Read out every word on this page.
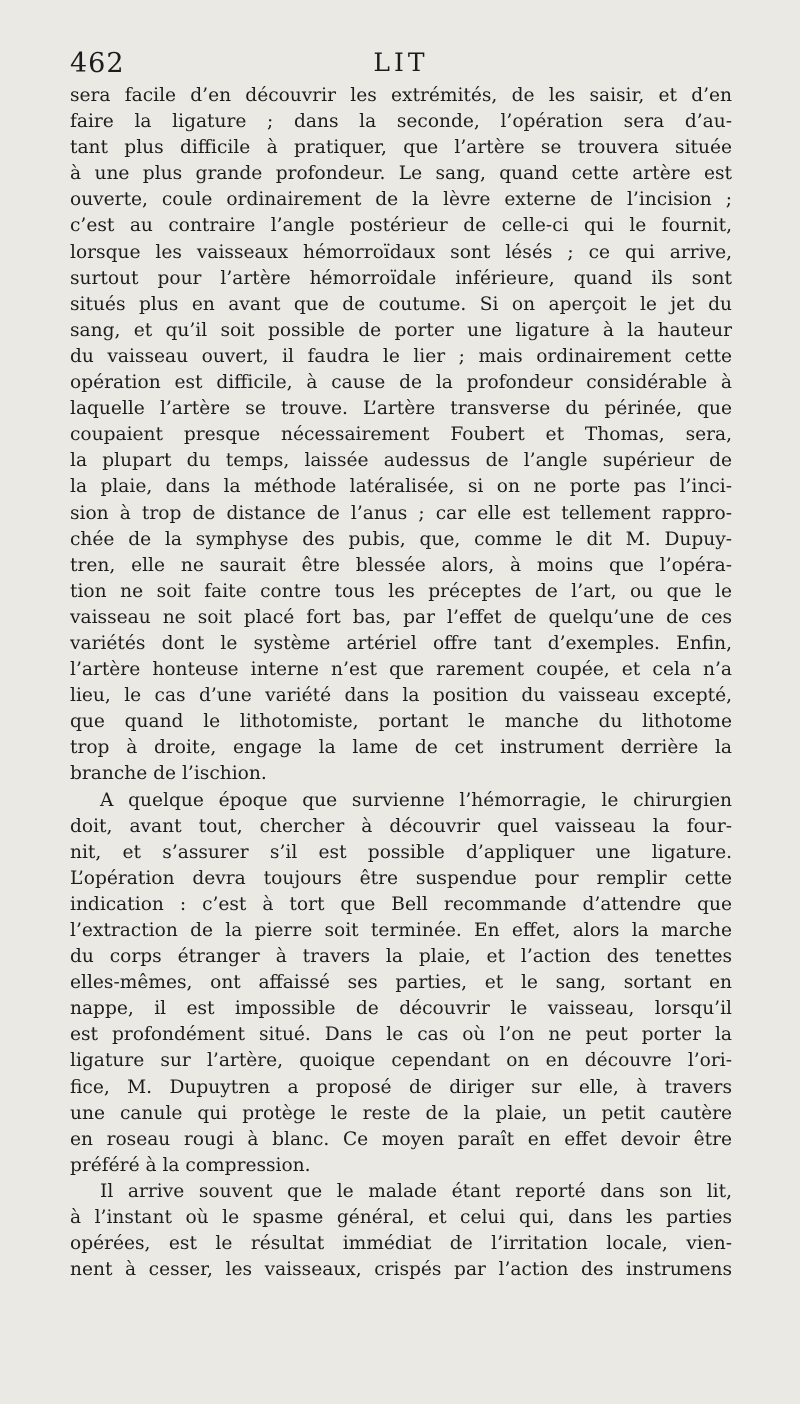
462	LIT
sera facile d’en découvrir les extrémités, de les saisir, et d’en
faire la ligature ; dans la seconde, l’opération sera d’au-
tant plus difficile à pratiquer, que l’artère se trouvera située
à une plus grande profondeur. Le sang, quand cette artère est
ouverte, coule ordinairement de la lèvre externe de l’incision ;
c’est au contraire l’angle postérieur de celle-ci qui le fournit,
lorsque les vaisseaux hémorroïdaux sont lésés ; ce qui arrive,
surtout pour l’artère hémorroïdale inférieure, quand ils sont
situés plus en avant que de coutume. Si on aperçoit le jet du
sang, et qu’il soit possible de porter une ligature à la hauteur
du vaisseau ouvert, il faudra le lier ; mais ordinairement cette
opération est difficile, à cause de la profondeur considérable à
laquelle l’artère se trouve. L’artère transverse du périnée, que
coupaient presque nécessairement Foubert et Thomas, sera,
la plupart du temps, laissée audessus de l’angle supérieur de
la plaie, dans la méthode latéralisée, si on ne porte pas l’inci-
sion à trop de distance de l’anus ; car elle est tellement rappro-
chée de la symphyse des pubis, que, comme le dit M. Dupuy-
tren, elle ne saurait être blessée alors, à moins que l’opéra-
tion ne soit faite contre tous les préceptes de l’art, ou que le
vaisseau ne soit placé fort bas, par l’effet de quelqu’une de ces
variétés dont le système artériel offre tant d’exemples. Enfin,
l’artère honteuse interne n’est que rarement coupée, et cela n’a
lieu, le cas d’une variété dans la position du vaisseau excepté,
que quand le lithotomiste, portant le manche du lithotome
trop à droite, engage la lame de cet instrument derrière la
branche de l’ischion.
A quelque époque que survienne l’hémorragie, le chirurgien
doit, avant tout, chercher à découvrir quel vaisseau la four-
nit, et s’assurer s’il est possible d’appliquer une ligature.
L’opération devra toujours être suspendue pour remplir cette
indication : c’est à tort que Bell recommande d’attendre que
l’extraction de la pierre soit terminée. En effet, alors la marche
du corps étranger à travers la plaie, et l’action des tenettes
elles-mêmes, ont affaissé ses parties, et le sang, sortant en
nappe, il est impossible de découvrir le vaisseau, lorsqu’il
est profondément situé. Dans le cas où l’on ne peut porter la
ligature sur l’artère, quoique cependant on en découvre l’ori-
fice, M. Dupuytren a proposé de diriger sur elle, à travers
une canule qui protège le reste de la plaie, un petit cautère
en roseau rougi à blanc. Ce moyen paraît en effet devoir être
préféré à la compression.
Il arrive souvent que le malade étant reporté dans son lit,
à l’instant où le spasme général, et celui qui, dans les parties
opérées, est le résultat immédiat de l’irritation locale, vien-
nent à cesser, les vaisseaux, crispés par l’action des instrumens
